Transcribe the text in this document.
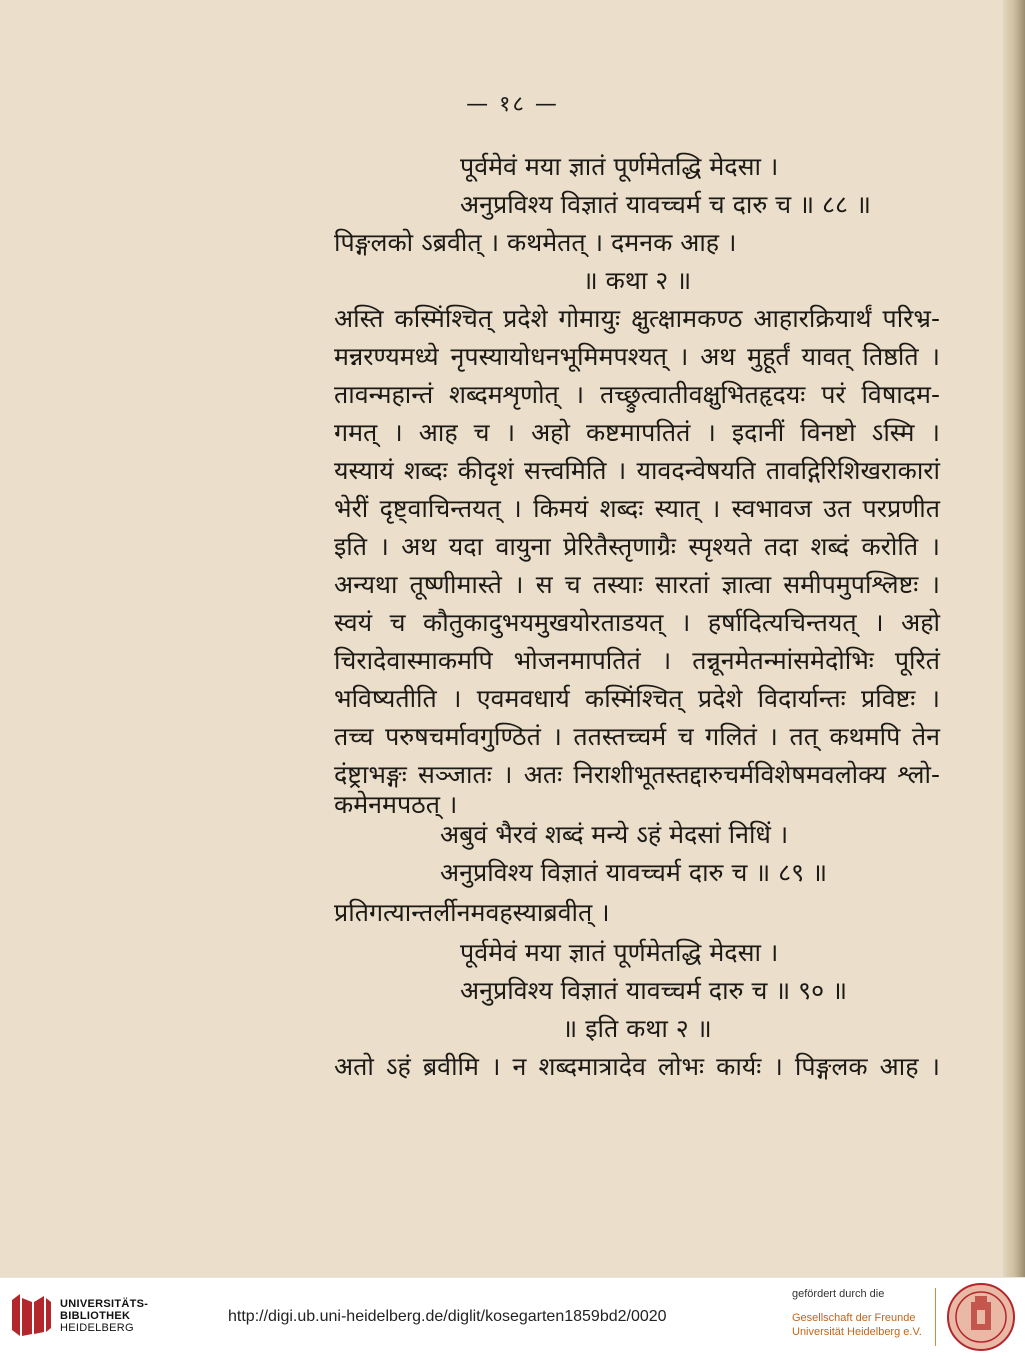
— १८ —
पूर्वमेवं मया ज्ञातं पूर्णमेतद्धि मेदसा ।
अनुप्रविश्य विज्ञातं यावच्चर्म च दारु च ॥ ८८ ॥
पिङ्गलको ऽब्रवीत् । कथमेतत् । दमनक आह ।
॥ कथा २ ॥
अस्ति कस्मिंश्चित् प्रदेशे गोमायुः क्षुत्क्षामकण्ठ आहारक्रियार्थं परिभ्र-
मन्नरण्यमध्ये नृपस्यायोधनभूमिमपश्यत् । अथ मुहूर्तं यावत् तिष्ठति ।
तावन्महान्तं शब्दमशृणोत् । तच्छ्रुत्वातीवक्षुभितहृदयः परं विषादम-
गमत् । आह च । अहो कष्टमापतितं । इदानीं विनष्टो ऽस्मि ।
यस्यायं शब्दः कीदृशं सत्त्वमिति । यावदन्वेषयति तावद्गिरिशिखराकारां
भेरीं दृष्ट्वाचिन्तयत् । किमयं शब्दः स्यात् । स्वभावज उत परप्रणीत
इति । अथ यदा वायुना प्रेरितैस्तृणाग्रैः स्पृश्यते तदा शब्दं करोति ।
अन्यथा तूष्णीमास्ते । स च तस्याः सारतां ज्ञात्वा समीपमुपश्लिष्टः ।
स्वयं च कौतुकादुभयमुखयोरताडयत् । हर्षादित्यचिन्तयत् । अहो
चिरादेवास्माकमपि भोजनमापतितं । तन्नूनमेतन्मांसमेदोभिः पूरितं
भविष्यतीति । एवमवधार्य कस्मिंश्चित् प्रदेशे विदार्यान्तः प्रविष्टः ।
तच्च परुषचर्मावगुण्ठितं । ततस्तच्चर्म च गलितं । तत् कथमपि तेन
दंष्ट्राभङ्गः सञ्जातः । अतः निराशीभूतस्तद्दारुचर्मविशेषमवलोक्य श्लो-
कमेनमपठत् ।
अबुवं भैरवं शब्दं मन्ये ऽहं मेदसां निधिं ।
अनुप्रविश्य विज्ञातं यावच्चर्म दारु च ॥ ८९ ॥
प्रतिगत्यान्तर्लीनमवहस्याब्रवीत् ।
पूर्वमेवं मया ज्ञातं पूर्णमेतद्धि मेदसा ।
अनुप्रविश्य विज्ञातं यावच्चर्म दारु च ॥ ९० ॥
॥ इति कथा २ ॥
अतो ऽहं ब्रवीमि । न शब्दमात्रादेव लोभः कार्यः । पिङ्गलक आह ।
UNIVERSITÄTS-
BIBLIOTHEK
HEIDELBERG
http://digi.ub.uni-heidelberg.de/diglit/kosegarten1859bd2/0020
gefördert durch die
Gesellschaft der Freunde
Universität Heidelberg e.V.
